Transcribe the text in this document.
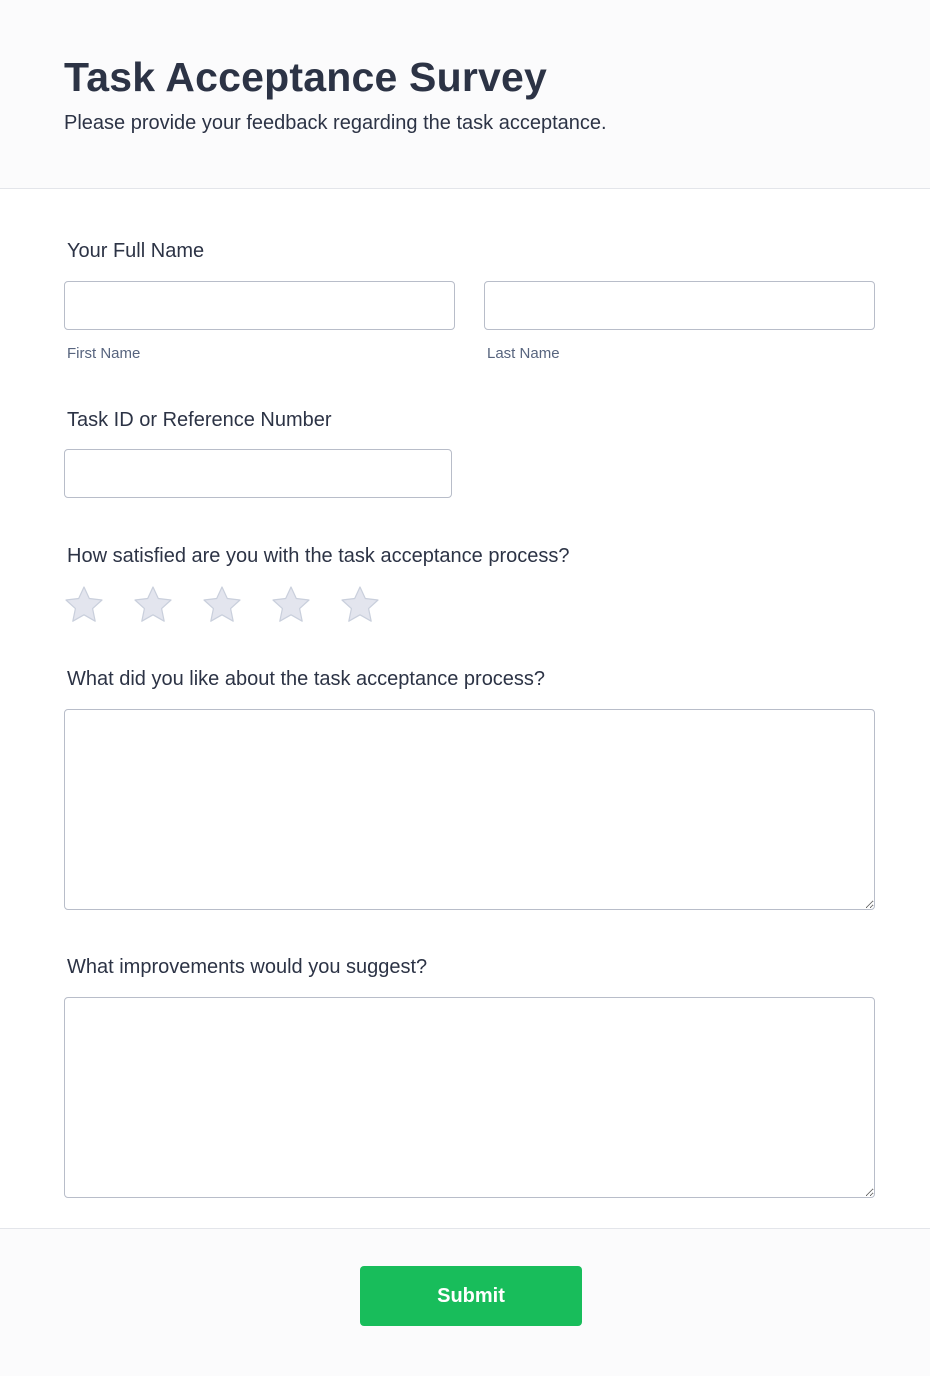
Task Acceptance Survey

Please provide your feedback regarding the task acceptance.

Your Full Name
First Name	Last Name
Task ID or Reference Number
How satisfied are you with the task acceptance process?
What did you like about the task acceptance process?
What improvements would you suggest?
Submit
